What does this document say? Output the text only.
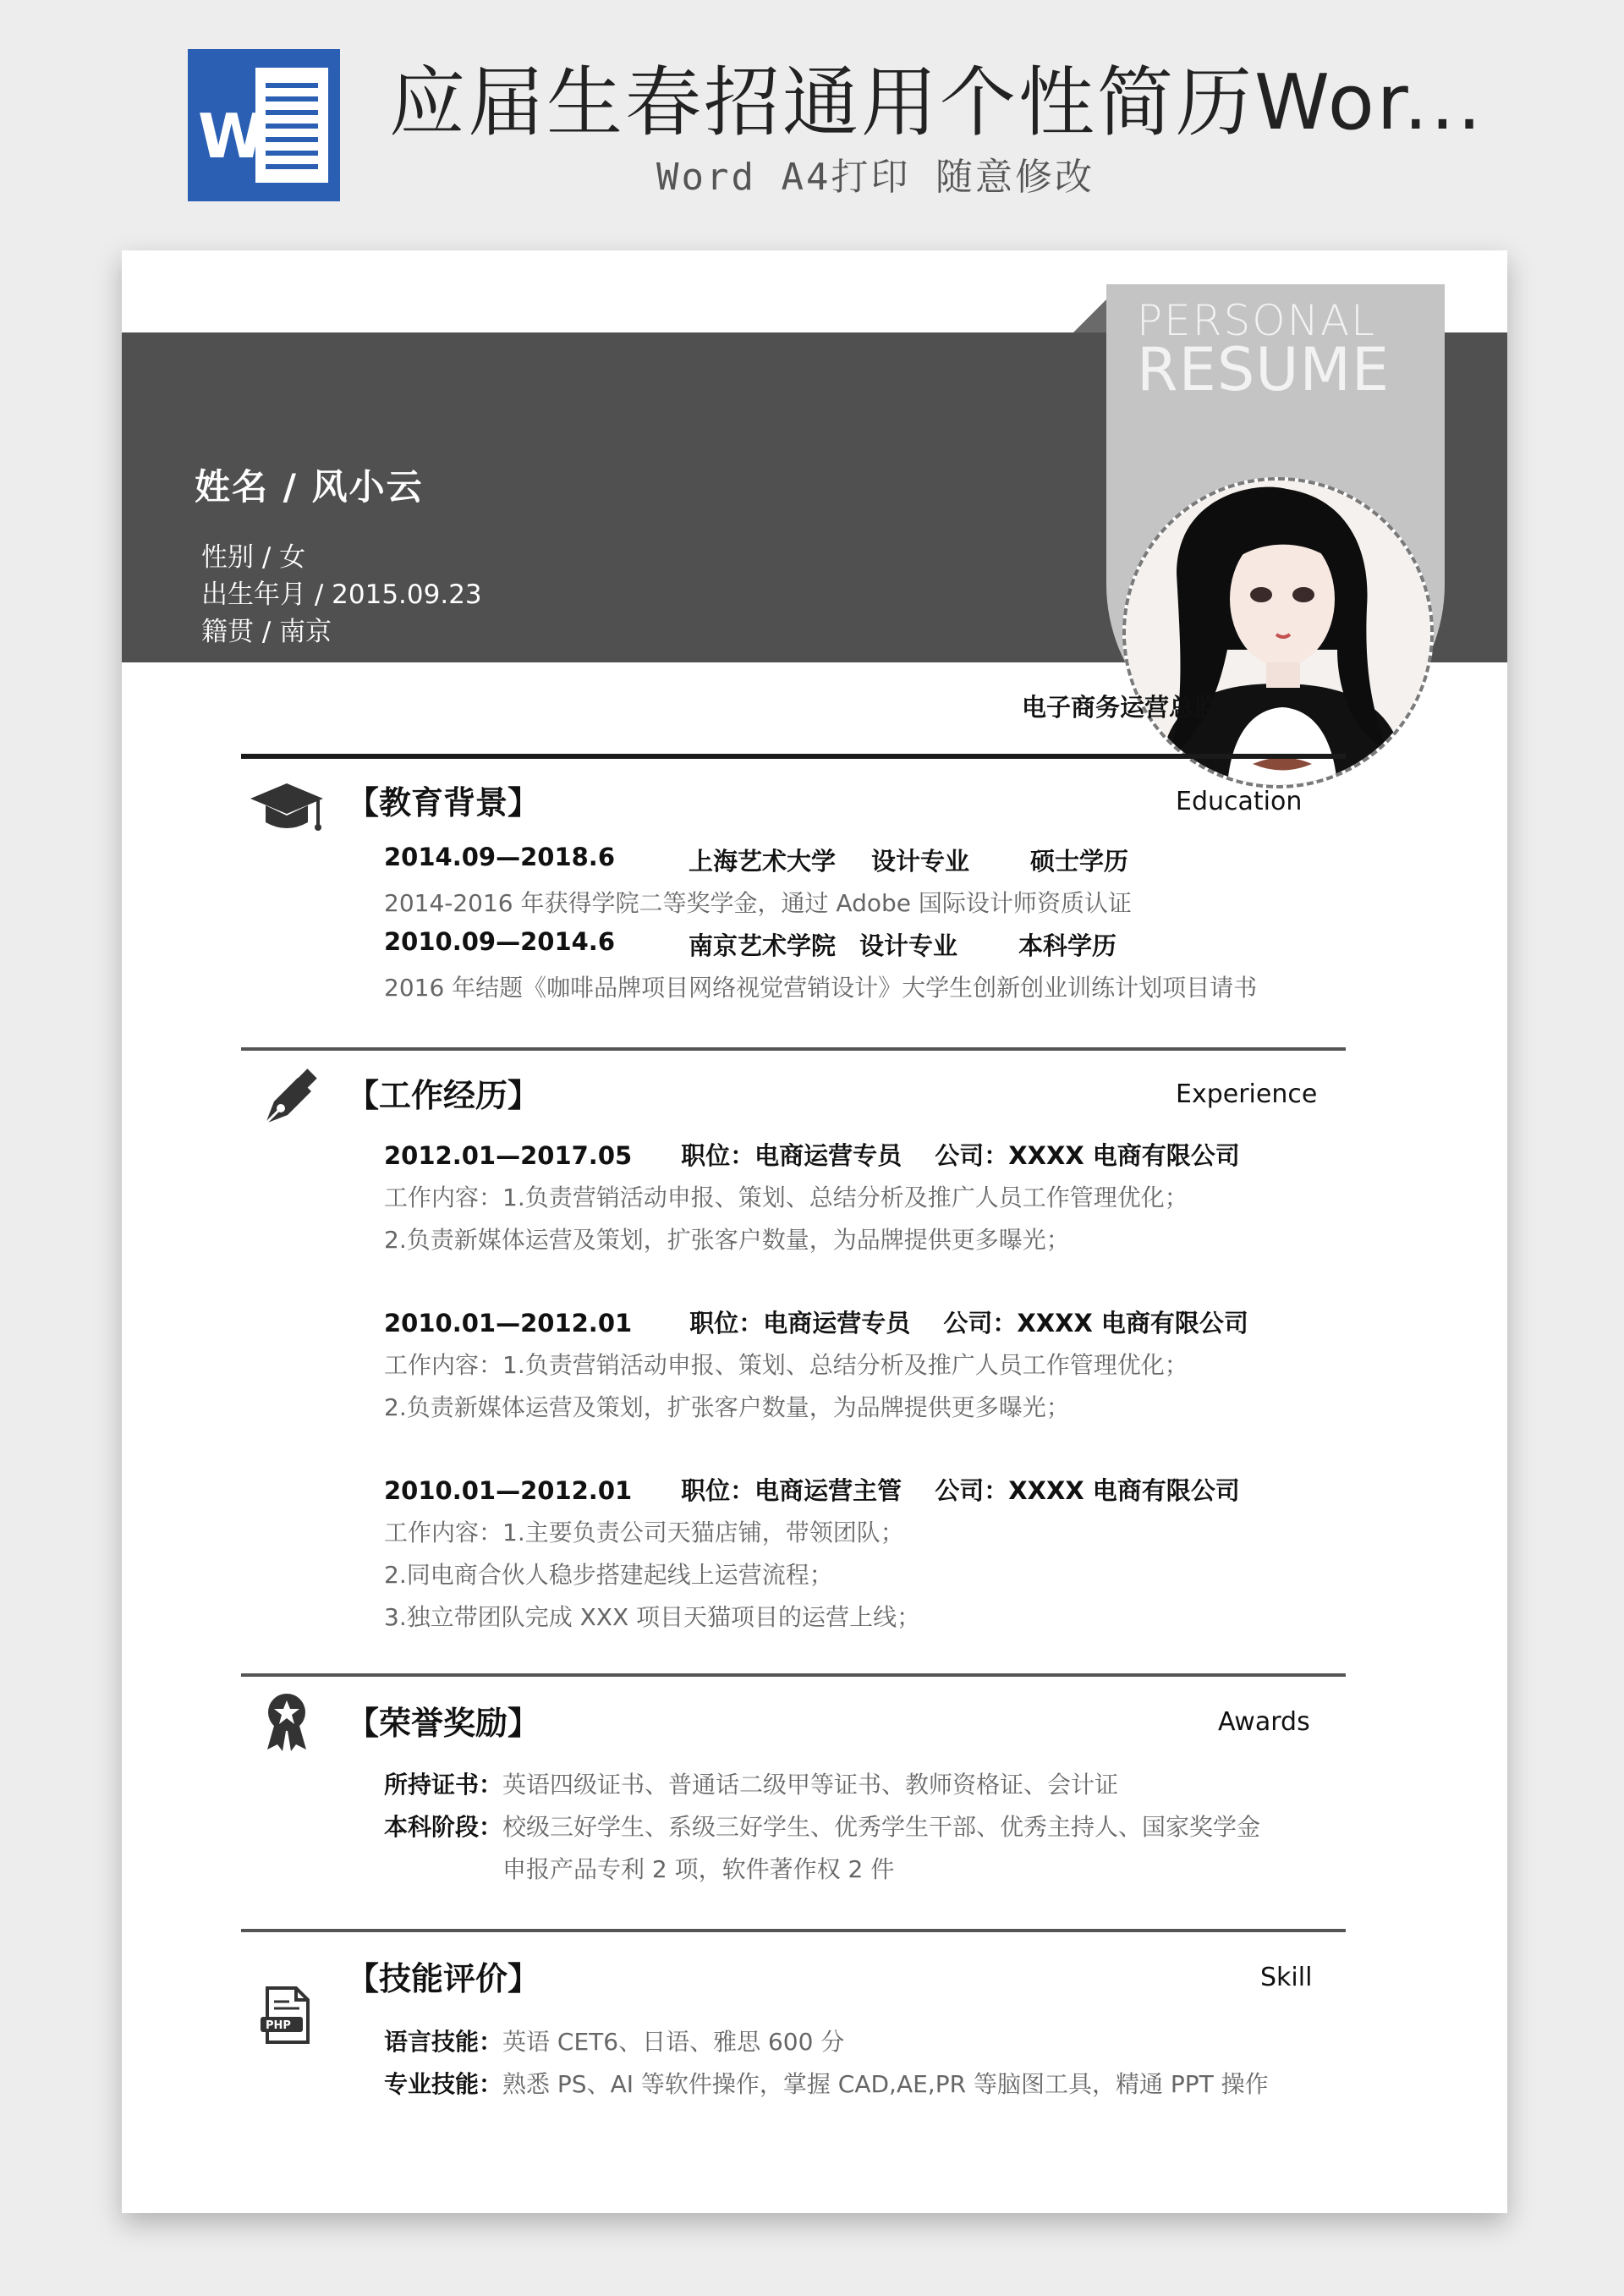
W 应届生春招通用个性简历Wor...
Word A4打印 随意修改
姓名 / 风小云
性别 / 女
出生年月 / 2015.09.23
籍贯 / 南京
电话 / 1800000000 QQ / 1600000000
邮箱/ star@docer.com 地址 / 南京市江宁双龙大道 128 号 A1176
PERSONAL
RESUME
电子商务运营总监
【教育背景】	Education
2014.09—2018.6	上海艺术大学 设计专业 硕士学历
2014-2016 年获得学院二等奖学金，通过 Adobe 国际设计师资质认证
2010.09—2014.6	南京艺术学院 设计专业 本科学历
2016 年结题《咖啡品牌项目网络视觉营销设计》大学生创新创业训练计划项目请书
【工作经历】	Experience
2012.01—2017.05　　职位：电商运营专员　 公司：XXXX 电商有限公司
工作内容：1.负责营销活动申报、策划、总结分析及推广人员工作管理优化；
2.负责新媒体运营及策划，扩张客户数量，为品牌提供更多曝光；
2010.01—2012.01　　 职位：电商运营专员　 公司：XXXX 电商有限公司
工作内容：1.负责营销活动申报、策划、总结分析及推广人员工作管理优化；
2.负责新媒体运营及策划，扩张客户数量，为品牌提供更多曝光；
2010.01—2012.01　　职位：电商运营主管　 公司：XXXX 电商有限公司
工作内容：1.主要负责公司天猫店铺，带领团队；
2.同电商合伙人稳步搭建起线上运营流程；
3.独立带团队完成 XXX 项目天猫项目的运营上线；
【荣誉奖励】	Awards
所持证书：英语四级证书、普通话二级甲等证书、教师资格证、会计证
本科阶段：校级三好学生、系级三好学生、优秀学生干部、优秀主持人、国家奖学金
申报产品专利 2 项，软件著作权 2 件
PHP
【技能评价】	Skill
语言技能：英语 CET6、日语、雅思 600 分
专业技能：熟悉 PS、AI 等软件操作，掌握 CAD,AE,PR 等脑图工具，精通 PPT 操作
